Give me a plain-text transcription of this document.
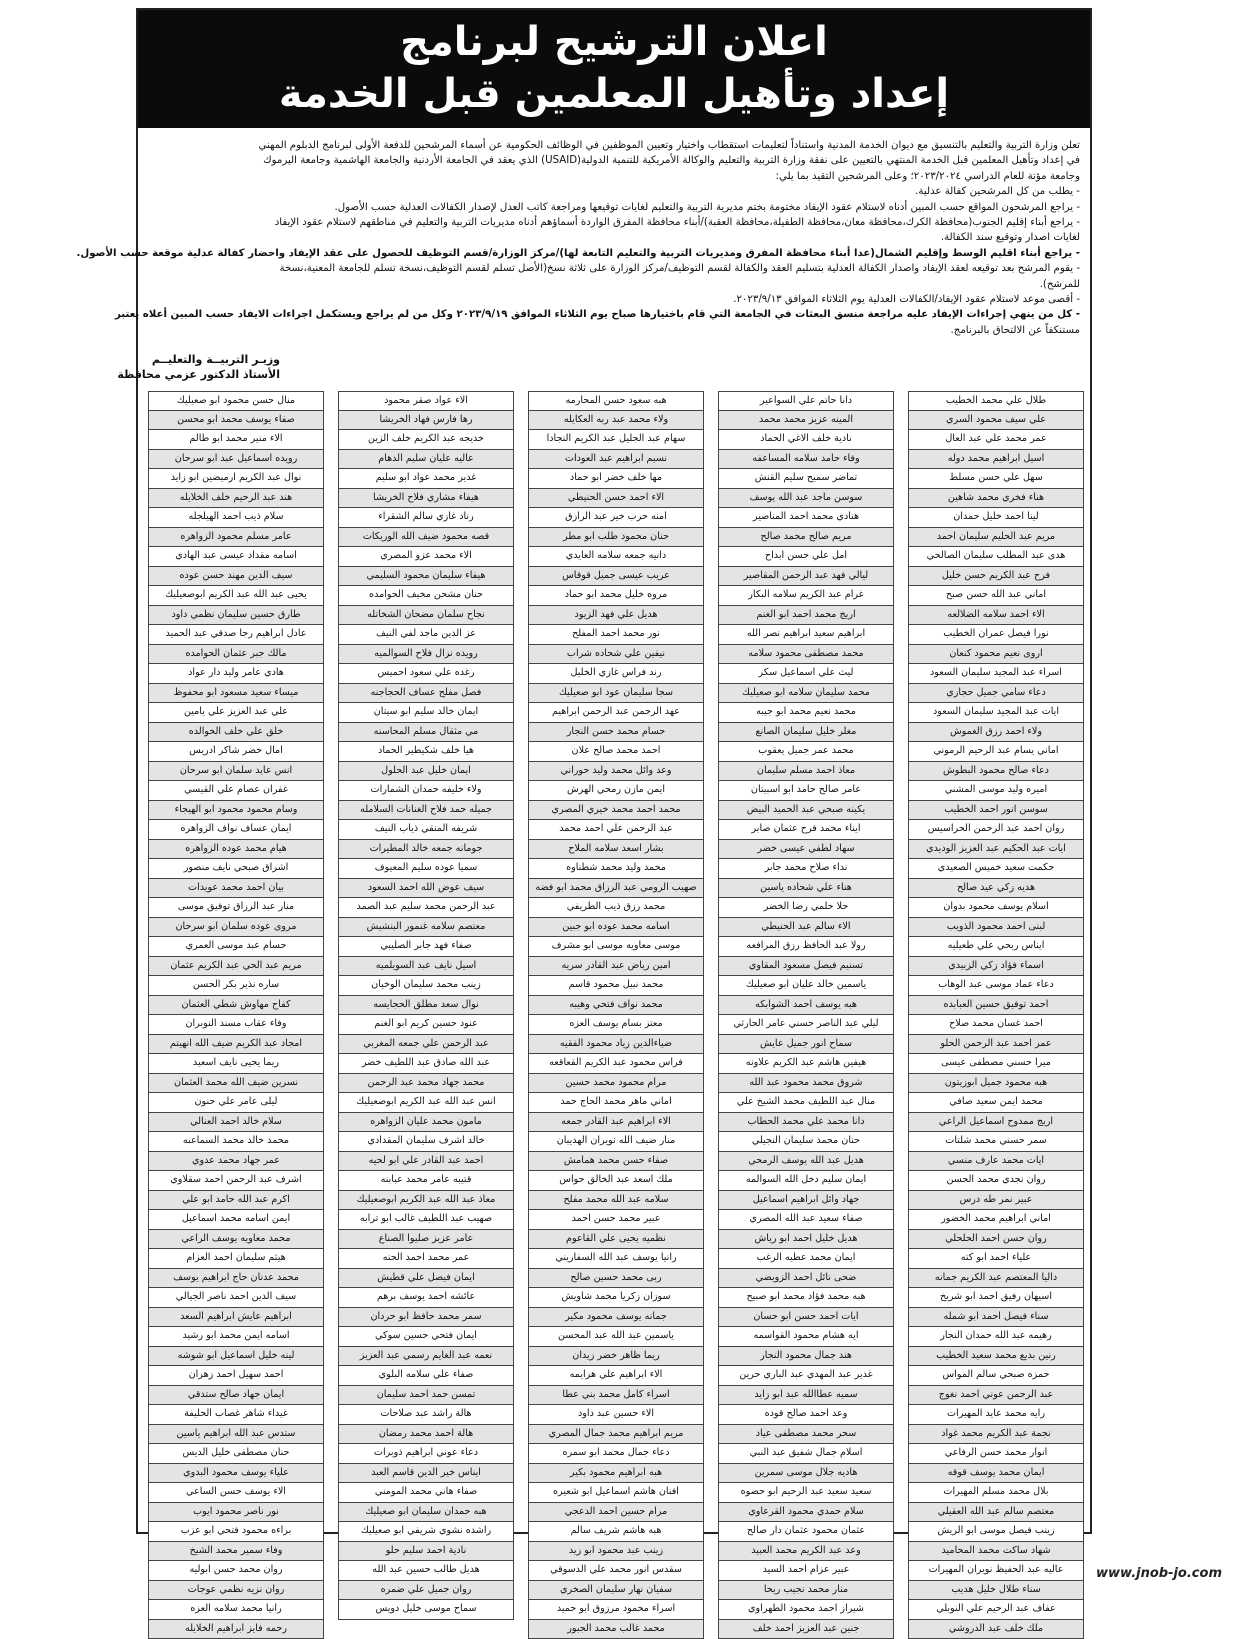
اعلان الترشيح لبرنامج
إعداد وتأهيل المعلمين قبل الخدمة

تعلن وزارة التربية والتعليم بالتنسيق مع ديوان الخدمة المدنية واستناداً لتعليمات استقطاب واختيار وتعيين الموظفين في الوظائف الحكومية عن أسماء المرشحين للدفعة الأولى لبرنامج الدبلوم المهني

في إعداد وتأهيل المعلمين قبل الخدمة المنتهي بالتعيين على نفقة وزارة التربية والتعليم والوكالة الأمريكية للتنمية الدولية(USAID) الذي يعقد في الجامعة الأردنية والجامعة الهاشمية وجامعة اليرموك

وجامعة مؤتة للعام الدراسي ٢٠٢٣/٢٠٢٤؛ وعلى المرشحين التقيد بما يلي:

- يطلب من كل المرشحين كفالة عدلية.

- يراجع المرشحون المواقع حسب المبين أدناه لاستلام عقود الإيفاد مختومة بختم مديرية التربية والتعليم لغايات توقيعها ومراجعة كاتب العدل لإصدار الكفالات العدلية حسب الأصول.

- يراجع أبناء إقليم الجنوب(محافظة الكرك،محافظة معان،محافظة الطفيلة،محافظة العقبة)/أبناء محافظة المفرق الواردة أسماؤهم أدناه مديريات التربية والتعليم في مناطقهم لاستلام عقود الإيفاد

لغايات اصدار وتوقيع سند الكفالة.

- يراجع أبناء اقليم الوسط وإقليم الشمال(عدا أبناء محافظة المفرق ومديريات التربية والتعليم التابعة لها)/مركز الوزارة/قسم التوظيف للحصول على عقد الإيفاد واحضار كفالة عدلية موقعة حسب الأصول.

- يقوم المرشح بعد توقيعه لعقد الإيفاد واصدار الكفالة العدلية بتسليم العقد والكفالة لقسم التوظيف/مركز الوزارة على ثلاثة نسخ(الأصل تسلم لقسم التوظيف،نسخة تسلم للجامعة المعنية،نسخة

للمرشح).

- أقصى موعد لاستلام عقود الإيفاد/الكفالات العدلية يوم الثلاثاء الموافق ٢٠٢٣/٩/١٣.

- كل من ينهي إجراءات الإيفاد عليه مراجعة منسق البعثات في الجامعة التي قام باختيارها صباح يوم الثلاثاء الموافق ٢٠٢٣/٩/١٩ وكل من لم يراجع ويستكمل اجراءات الايفاد حسب المبين أعلاه يعتبر

مستنكفاً عن الالتحاق بالبرنامج.

وزيـر التربيــة والتعليــم
الأستاذ الدكتور عزمي محافظة
طلال علي محمد الخطيب
علي سيف محمود السري
عمر محمد علي عبد العال
اسيل ابراهيم محمد دوله
سهل علي حسن مسلط
هناء فخري محمد شاهين
لينا احمد خليل حمدان
مريم عبد الحليم سليمان احمد
هدى عبد المطلب سليمان الصالحي
فرح عبد الكريم حسن خليل
اماني عبد الله حسن صبح
الاء احمد سلامه الضلالعه
نورا فيصل عمران الخطيب
اروى نعيم محمود كنعان
اسراء عبد المجيد سليمان السعود
دعاء سامي جميل حجازي
ايات عبد المجيد سليمان السعود
ولاء احمد رزق الغموش
اماني يسام عبد الرحيم الرموني
دعاء صالح محمود البطوش
اميره وليد موسى المشني
سوسن انور احمد الخطيب
روان احمد عبد الرحمن الحراسيس
ايات عبد الحكيم عبد العزيز الوديدي
حكمت سعيد خميس الصعيدي
هديه زكي عيد صالح
اسلام يوسف محمود بدوان
لبنى احمد محمود الذويب
ايناس ربحي علي طعيليه
اسماء فؤاد زكي الزبيدي
دعاء عماد موسى عبد الوهاب
احمد توفيق حسين العبابده
احمد غسان محمد صلاح
عمر احمد عبد الرحمن الحلو
ميرا حسني مصطفى عيسى
هبه محمود جميل ابوزيتون
محمد ايمن سعيد صافي
اريج ممدوح اسماعيل الراعي
سمر حسني محمد شلتات
ايات محمد عارف منسي
روان نجدي محمد الحسن
عبير نمر طه درس
اماني ابراهيم محمد الخضور
روان حسن احمد الحلحلي
علياء احمد ابو كته
داليا المعتصم عبد الكريم جمانه
اسيهان رفيق احمد ابو شريخ
سناء فيصل احمد ابو شمله
رهيمه عبد الله حمدان النجار
رنين بديع محمد سعيد الخطيب
حمزه صبحي سالم المواس
عبد الرحمن عوني احمد نغوج
رايه محمد عايد المهيرات
نجمة عبد الكريم محمد غواد
انوار محمد حسن الرفاعي
ايمان محمد يوسف قوقه
بلال محمد مسلم المهيرات
معتصم سالم عبد الله العقيلي
زينب فيصل موسى ابو الريش
شهاد ساكت محمد المحاميد
عاليه عبد الحفيظ نويران المهيرات
سناء طلال خليل هديب
عفاف عبد الرحيم علي النوبلي
ملك خلف عبد الدروشي
دانا حاتم علي السواعير
المينه عزيز محمد محمد
نادية خلف الاغي الحماد
وفاء حامد سلامه المساعفه
تماضر سميح سليم القنش
سوسن ماجد عبد الله يوسف
هنادي محمد احمد المناصير
مريم صالح محمد صالح
امل علي حسن ابداح
ليالي فهد عبد الرحمن المقاصير
غرام عبد الكريم سلامه البكار
اريج محمد احمد ابو الغنم
ابراهيم سعيد ابراهيم نصر الله
محمد مصطفى محمود سلامه
ليث علي اسماعيل سكر
محمد سليمان سلامه ابو صعيليك
محمد نعيم محمد ابو جيبه
مغلر خليل سليمان الصانع
محمد عمر جميل يعقوب
معاذ احمد مسلم سليمان
عامر صالح حامد ابو اسبيتان
يكينه صبحي عبد الحميد البيض
ايناء محمد فرح عثمان صابر
سهاد لطفي عيسى خضر
نداء صلاح محمد جابر
هناء علي شحاده ياسين
حلا حلمي رضا الخضر
الاء سالم عبد الحنيطي
رولا عبد الحافظ رزق المرافعه
تسنيم فيصل مسعود المقاوي
ياسمين خالد عليان ابو صعيليك
هبه يوسف احمد الشوابكه
ليلي عبد الناصر حسني عامر الحارثي
سماح انور جميل عايش
هيفين هاشم عبد الكريم علاونه
شروق محمد محمود عبد الله
منال عبد اللطيف محمد الشيخ علي
دانا محمد علي محمد الحطاب
حنان محمد سليمان النجيلي
هديل عبد الله يوسف الرمحي
ايمان سليم دخل الله السوالمه
جهاد وائل ابراهيم اسماعيل
صفاء سعيد عبد الله المصري
هديل خليل احمد ابو رياش
ايمان محمد عطيه الرغب
ضحى نائل احمد الزويضي
هبه محمد فؤاد محمد ابو صبيح
ايات احمد حسن ابو حسان
ايه هشام محمود القواسمه
هند جمال محمود النجار
غدير عبد المهدي عبد الباري حرين
سميه عطاالله عبد ابو زايد
وعد احمد صالح قوده
سحر محمد مصطفى عياد
اسلام جمال شفيق عبد النبي
هاديه جلال موسى سمرين
سعيد سعيد عبد الرحيم ابو حصوه
سلام حمدي محمود القرعاوي
عثمان محمود عثمان دار صالح
وعد عبد الكريم محمد العبيد
عبير عزام احمد السيد
منار محمد نجيب ريحا
شيراز احمد محمود الطهراوي
جنين عبد العزيز احمد خلف
هبه سعود حسن المحارمه
ولاء محمد عبد ربه العكايله
سهام عبد الجليل عبد الكريم النجادا
نسيم ابراهيم عبد العودات
مها خلف خضر ابو حماد
الاء احمد حسن الحنيطي
امنه حرب خير عبد الرازق
حنان محمود طلب ابو مطر
دانيه جمعه سلامه العايدي
عريب عيسى جميل قوقاس
مروه خليل محمد ابو حماد
هديل علي فهد الزيود
نور محمد احمد المفلح
نيفين علي شحاده شراب
رند فراس غازي الخليل
سجا سليمان عود ابو صعيليك
عهد الرحمن عبد الرحمن ابراهيم
حسام محمد حسن النجار
احمد محمد صالح علان
وعد وائل محمد وليد حوراني
ايمن مازن رمحي الهرش
محمد احمد محمد خيري المصري
عبد الرحمن علي احمد محمد
بشار اسعد سلامه الملاح
محمد وليد محمد شطناوه
صهيب الرومي عبد الرزاق محمد ابو فضه
محمد رزق ذيب الطريفي
اسامه محمد عوده ابو جبين
موسى معاويه موسى ابو مشرف
امين رياض عبد القادر سريه
محمد نبيل محمود قاسم
محمد نواف فتحي وهيبه
معتز بسام يوسف العزه
ضياءالدين زياد محمود الفقيه
فراس محمود عبد الكريم القعاقعه
مرام محمود محمد حسين
اماني ماهر محمد الحاج حمد
الاء ابراهيم عبد القادر جمعه
منار ضيف الله نويران الهديبان
صفاء حسن محمد همامش
ملك اسعد عبد الخالق حواس
سلامه عبد الله محمد مفلح
عبير محمد حسن احمد
نظميه يحيى علي القاعوم
رانيا يوسف عبد الله السفاريني
ربى محمد حسين صالح
سوزان زكريا محمد شاويش
جمانه يوسف محمود مكير
ياسمين عبد الله عبد المحسن
ريما ظاهر خضر زيدان
الاء ابراهيم علي هزايمه
اسراء كامل محمد بني عطا
الاء حسين عبد داود
مريم ابراهيم محمد جمال المصري
دعاء جمال محمد ابو سمره
هبه ابراهيم محمود بكير
افنان هاشم اسماعيل ابو شعيره
مرام حسين احمد الدعجي
هبه هاشم شريف سالم
زينب عبد محمود ابو زيد
سقدس انور محمد علي الدسوقي
سفيان نهار سليمان الصخري
اسراء محمود مرزوق ابو حميد
محمد غالب محمد الجبور
الاء عواد صقر محمود
رها فارس فهاد الخريشا
خديجه عبد الكريم خلف الزين
عاليه عليان سليم الدهام
غدير محمد عواد ابو سليم
هيفاء مشاري فلاح الخريشا
رناد غازي سالم الشقراء
قصه محمود ضيف الله الوريكات
الاء محمد عزو المصري
هيفاء سليمان محمود السليمي
حنان مشحن مخيف الحوامده
نجاح سلمان مضحان الشخاتله
عز الدين ماجد لفي النيف
رويده نزال فلاح السوالميه
رغده علي سعود احميس
فصل مفلح عساف الحجاجنه
ايمان خالد سليم ابو سيتان
مي مثقال مسلم المحاسنه
هيا خلف شكيطير الحماد
ايمان خليل عبد الحلول
ولاء خليفه حمدان الشمارات
جميله حمد فلاح الغنانات السلامله
شريفه المنقي ذياب النيف
جومانه جمعه خالد المطيرات
سميا عوده سليم المعيوف
سيف عوض الله احمد السعود
عبد الرحمن محمد سليم عبد الصمد
معتصم سلامه غنمور البنشيش
صفاء فهد جابر الصليبي
اسيل نايف عبد السويلميه
زينب محمد سليمان الوخيان
نوال سعد مطلق الحجايسه
عنود حسين كريم ابو الغنم
عبد الرحمن علي جمعه المغربي
عبد الله صادق عبد اللطيف خضر
محمد جهاد محمد عبد الرحمن
انس عبد الله عبد الكريم ابوصعيليك
مامون محمد عليان الزواهره
خالد اشرف سليمان المقدادي
احمد عبد القادر علي ابو لحيه
قتيبه عامر محمد عبابنه
معاذ عبد الله عبد الكريم ابوصعيليك
صهيب عبد اللطيف غالب ابو ترابه
عامر عزيز صليوا الصناع
عمر محمد احمد الحنه
ايمان فيصل علي قطيش
عائشه احمد يوسف برهم
سمر محمد حافظ ابو حردان
ايمان فتحي حسين سوكي
نعمه عبد الغايم رسمي عبد العزيز
صفاء علي سلامه البلوي
تمسن حمد احمد سليمان
هالة راشد عبد صلاحات
هالة احمد محمد رمضان
دعاء عوني ابراهيم ذوبرات
ايناس خير الدين قاسم العبد
صفاء هاني محمد المومني
هبه حمدان سليمان ابو صعيليك
راشده نشوي شريفي ابو صعيليك
نادية احمد سليم حلو
هديل طالب حسين عبد الله
روان جميل علي ضمره
سماح موسى خليل دويس
منال حسن محمود ابو صعيليك
صفاء يوسف محمد ابو محسن
الاء منير محمد ابو طالم
رويده اسماعيل عبد ابو سرحان
نوال عبد الكريم ارميضين ابو زايد
هند عبد الرحيم خلف الخلايله
سلام ذيب احمد الهيلجله
عامر مسلم محمود الزواهره
اسامه مقداد عيسى عبد الهادي
سيف الدين مهند حسن عوده
يحيى عبد الله عبد الكريم ابوصعيليك
طارق حسين سليمان نظمي داود
عادل ابراهيم رجا صدقي عبد الحميد
مالك جبر عثمان الحوامده
هادي عامر وليد دار عواد
ميساء سعيد مسعود ابو محفوظ
علي عبد العزيز علي يامين
خلق علي خلف الخوالده
امال خضر شاكر ادريس
انس عايد سلمان ابو سرحان
غفران عصام علي القيسي
وسام محمود محمود ابو الهيجاء
ايمان عساف نواف الزواهره
هيام محمد عوده الزواهره
اشراق صبحي نايف منصور
بيان احمد محمد عويدات
منار عبد الرزاق توفيق موسى
مروى عوده سلمان ابو سرحان
حسام عبد موسى العمري
مريم عبد الحي عبد الكريم عثمان
ساره نذير بكر الحسن
كفاح مهاوش شطي العثمان
وفاء عقاب مسند النوبران
امجاد عبد الكريم ضيف الله انهيتم
ريما يحيى نايف اسعيد
نسرين ضيف الله محمد العثمان
ليلى عامر علي حنون
سلام خالد احمد العنالي
محمد خالد محمد السماعنه
عمر جهاد محمد عدوي
اشرف عبد الرحمن احمد سقلاوي
اكرم عبد الله حامد ابو علي
ايمن اسامه محمد اسماعيل
محمد معاويه يوسف الراعي
هيثم سليمان احمد العزام
محمد عدنان حاج ابراهيم يوسف
سيف الدين احمد ناصر الجيالي
ابراهيم عايش ابراهيم السعد
اسامه ايمن محمد ابو رشيد
لينه خليل اسماعيل ابو شوشه
احمد سهيل احمد زهران
ايمان جهاد صالح ستدقي
غيداء شاهر غصاب الخليفة
ستدس عبد الله ابراهيم ياسين
حنان مصطفى خليل الديس
علياء يوسف محمود البدوي
الاء يوسف حسن الساعي
نور ناصر محمود ايوب
براءه محمود فتحي ابو عزب
وفاء سمير محمد الشيخ
روان محمد حسن ابوليه
روان نزيه نظمي عوجات
رانيا محمد سلامه العزه
رحمه فايز ابراهيم الخلايله
www.jnob-jo.com
